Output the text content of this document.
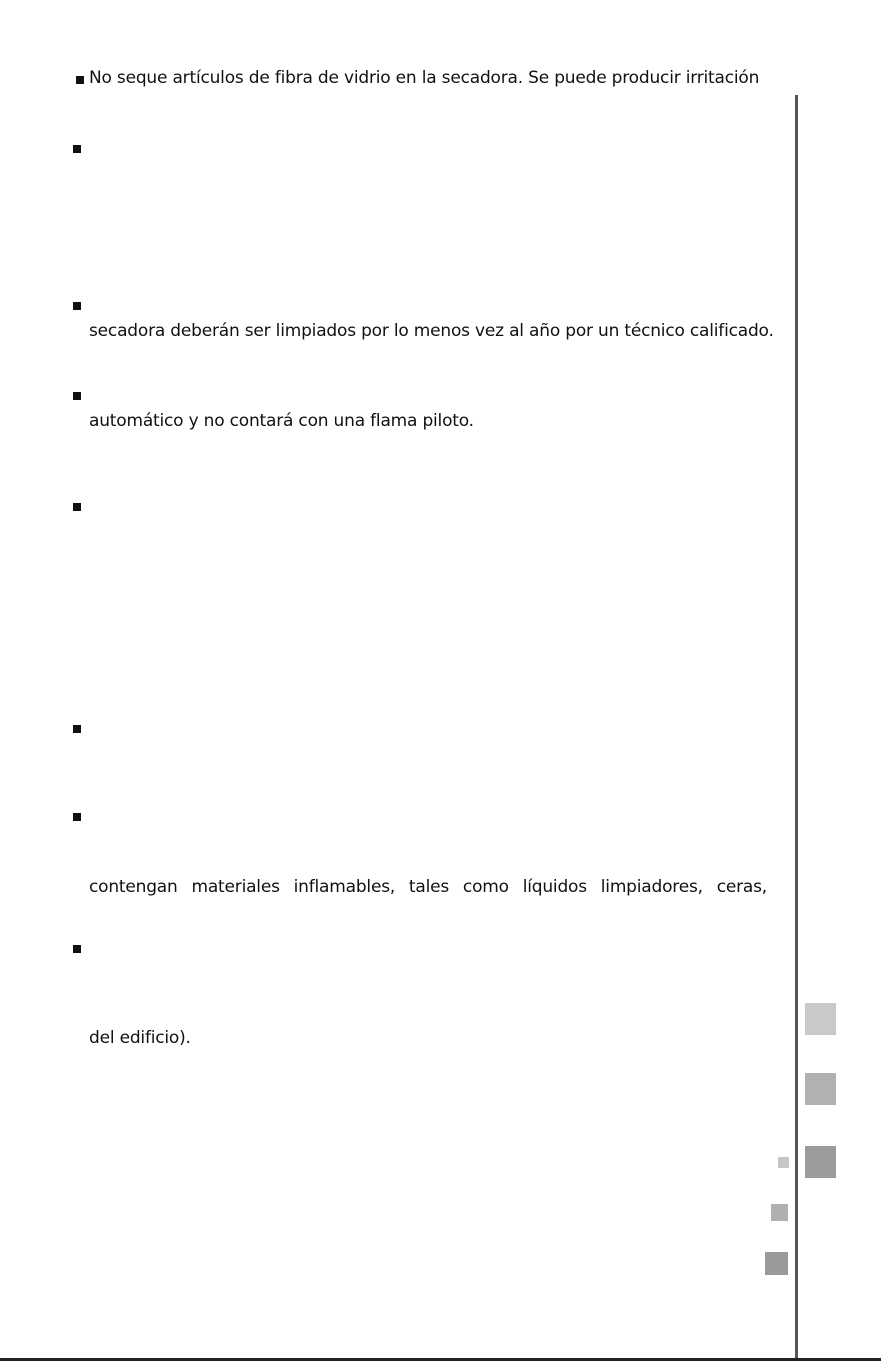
No seque artículos de fibra de vidrio en la secadora. Se puede producir irritación
secadora deberán ser limpiados por lo menos vez al año por un técnico calificado.
automático y no contará con una flama piloto.
contengan materiales inflamables, tales como líquidos limpiadores, ceras,
del edificio).
